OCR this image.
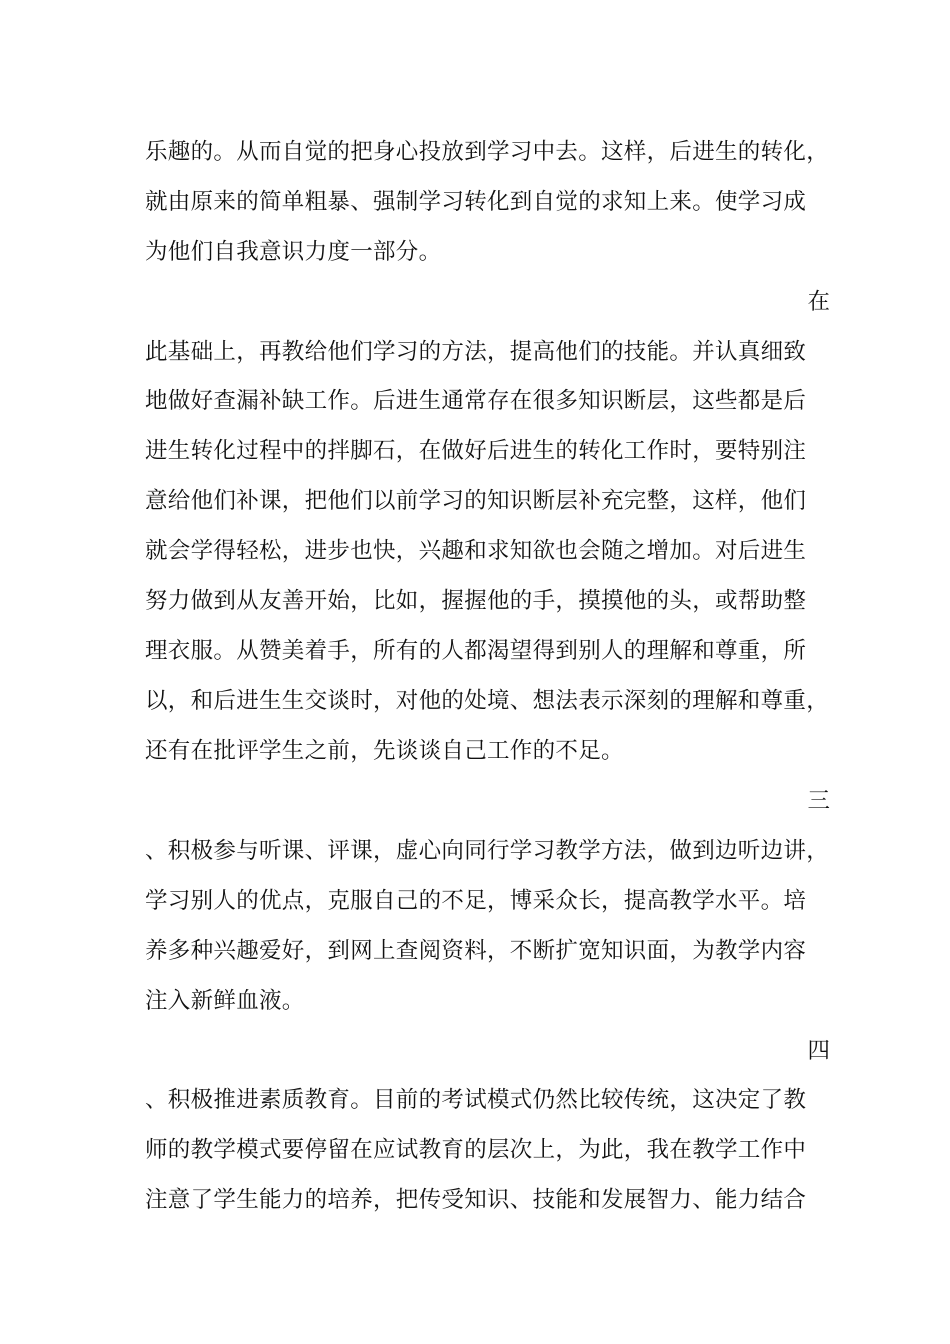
乐趣的。从而自觉的把身心投放到学习中去。这样，后进生的转化，
就由原来的简单粗暴、强制学习转化到自觉的求知上来。使学习成
为他们自我意识力度一部分。
在
此基础上，再教给他们学习的方法，提高他们的技能。并认真细致
地做好查漏补缺工作。后进生通常存在很多知识断层，这些都是后
进生转化过程中的拌脚石，在做好后进生的转化工作时，要特别注
意给他们补课，把他们以前学习的知识断层补充完整，这样，他们
就会学得轻松，进步也快，兴趣和求知欲也会随之增加。对后进生
努力做到从友善开始，比如，握握他的手，摸摸他的头，或帮助整
理衣服。从赞美着手，所有的人都渴望得到别人的理解和尊重，所
以，和后进生生交谈时，对他的处境、想法表示深刻的理解和尊重，
还有在批评学生之前，先谈谈自己工作的不足。
三
、积极参与听课、评课，虚心向同行学习教学方法，做到边听边讲，
学习别人的优点，克服自己的不足，博采众长，提高教学水平。培
养多种兴趣爱好，到网上查阅资料，不断扩宽知识面，为教学内容
注入新鲜血液。
四
、积极推进素质教育。目前的考试模式仍然比较传统，这决定了教
师的教学模式要停留在应试教育的层次上，为此，我在教学工作中
注意了学生能力的培养，把传受知识、技能和发展智力、能力结合
